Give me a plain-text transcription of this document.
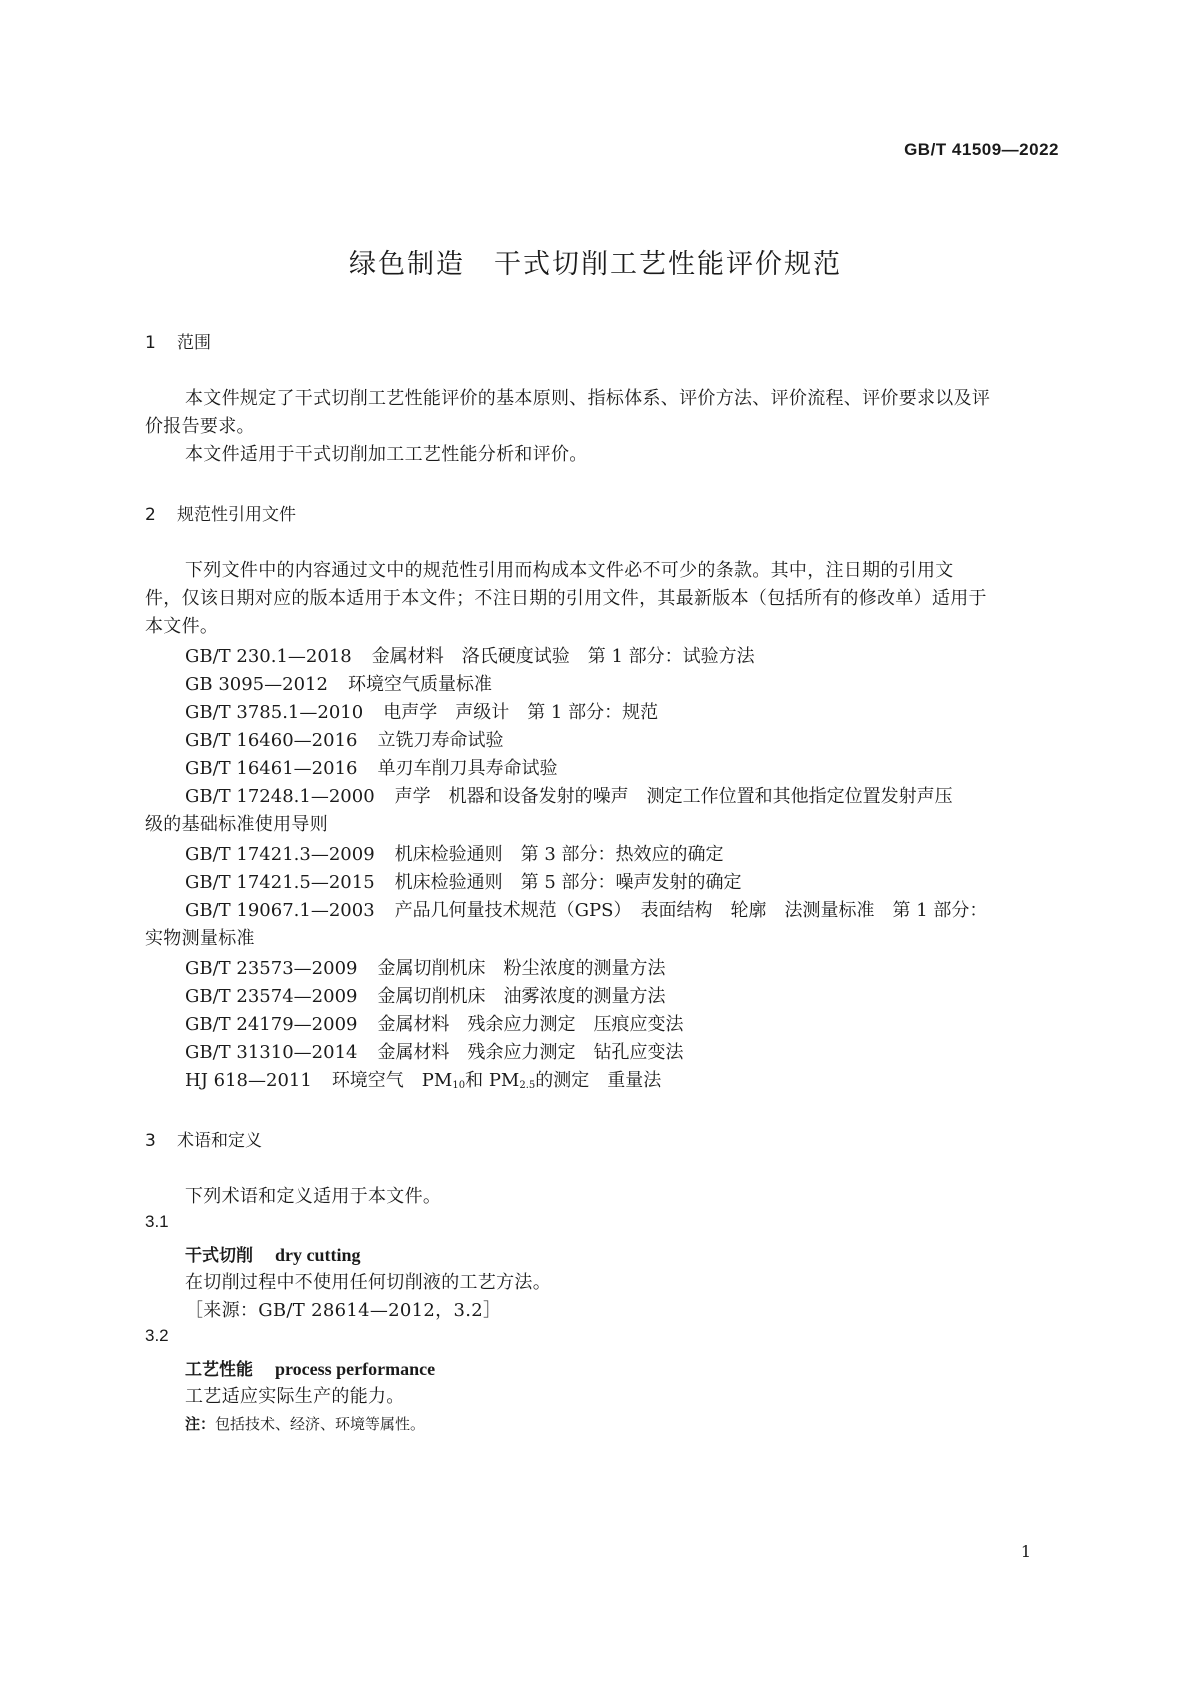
GB/T 41509—2022
绿色制造　干式切削工艺性能评价规范
1 范围
本文件规定了干式切削工艺性能评价的基本原则、指标体系、评价方法、评价流程、评价要求以及评
价报告要求。
本文件适用于干式切削加工工艺性能分析和评价。
2 规范性引用文件
下列文件中的内容通过文中的规范性引用而构成本文件必不可少的条款。其中，注日期的引用文
件，仅该日期对应的版本适用于本文件；不注日期的引用文件，其最新版本（包括所有的修改单）适用于
本文件。
GB/T 230.1—2018 金属材料　洛氏硬度试验　第 1 部分：试验方法
GB 3095—2012 环境空气质量标准
GB/T 3785.1—2010 电声学　声级计　第 1 部分：规范
GB/T 16460—2016 立铣刀寿命试验
GB/T 16461—2016 单刃车削刀具寿命试验
GB/T 17248.1—2000 声学　机器和设备发射的噪声　测定工作位置和其他指定位置发射声压
级的基础标准使用导则
GB/T 17421.3—2009 机床检验通则　第 3 部分：热效应的确定
GB/T 17421.5—2015 机床检验通则　第 5 部分：噪声发射的确定
GB/T 19067.1—2003 产品几何量技术规范（GPS）　表面结构　轮廓　法测量标准　第 1 部分：
实物测量标准
GB/T 23573—2009 金属切削机床　粉尘浓度的测量方法
GB/T 23574—2009 金属切削机床　油雾浓度的测量方法
GB/T 24179—2009 金属材料　残余应力测定　压痕应变法
GB/T 31310—2014 金属材料　残余应力测定　钻孔应变法
HJ 618—2011 环境空气　$PM_{10}$和 $PM_{2.5}$的测定　重量法
3 术语和定义
下列术语和定义适用于本文件。
3.1
干式切削 dry cutting
在切削过程中不使用任何切削液的工艺方法。
［来源：GB/T 28614—2012，3.2］
3.2
工艺性能 process performance
工艺适应实际生产的能力。
注：包括技术、经济、环境等属性。
1
